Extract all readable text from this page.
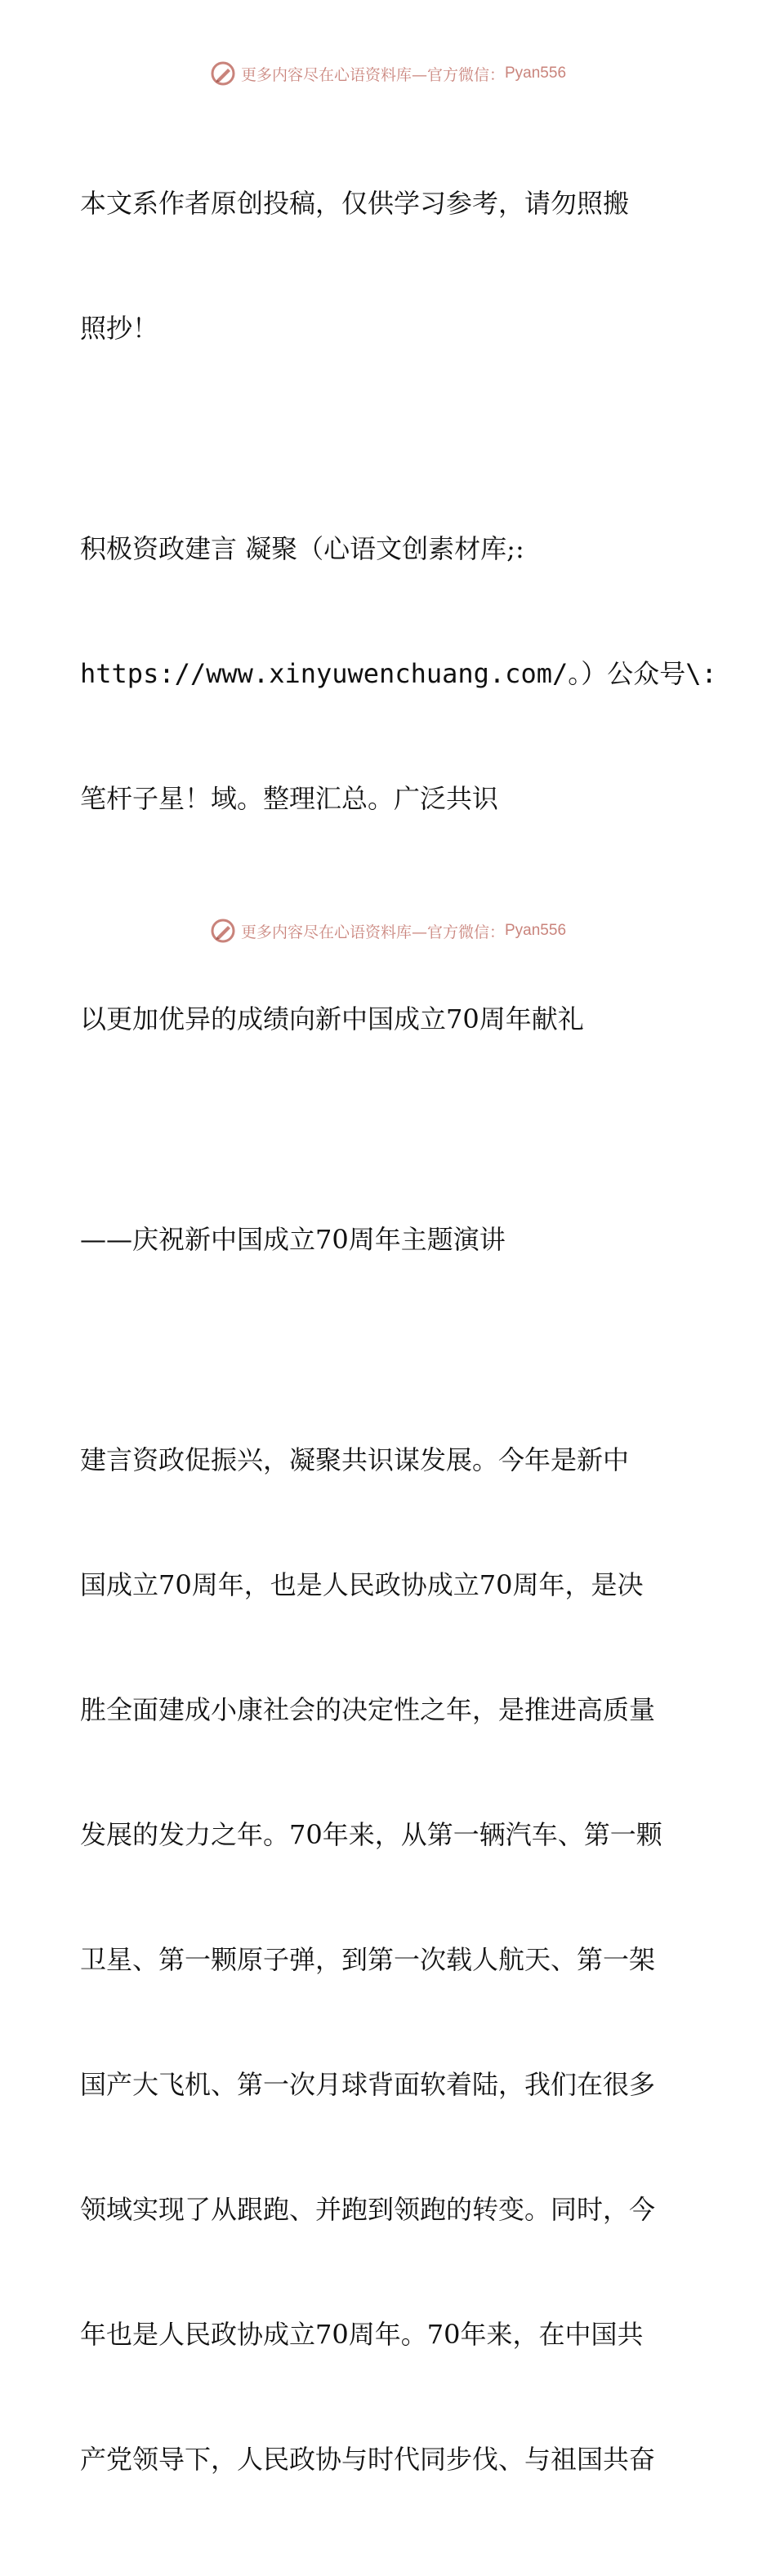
更多内容尽在心语资料库—官方微信： Pyan556

本文系作者原创投稿，仅供学习参考，请勿照搬

照抄！

积极资政建言 凝聚（心语文创素材库;:

https://www.xinyuwenchuang.com/。）公众号\:

笔杆子星！域。整理汇总。广泛共识

以更加优异的成绩向新中国成立70周年献礼

——庆祝新中国成立70周年主题演讲

建言资政促振兴，凝聚共识谋发展。今年是新中

国成立70周年，也是人民政协成立70周年，是决

胜全面建成小康社会的决定性之年，是推进高质量

发展的发力之年。70年来，从第一辆汽车、第一颗

卫星、第一颗原子弹，到第一次载人航天、第一架

国产大飞机、第一次月球背面软着陆，我们在很多

领域实现了从跟跑、并跑到领跑的转变。同时，今

年也是人民政协成立70周年。70年来，在中国共

产党领导下，人民政协与时代同步伐、与祖国共奋

更多内容尽在心语资料库—官方微信： Pyan556
